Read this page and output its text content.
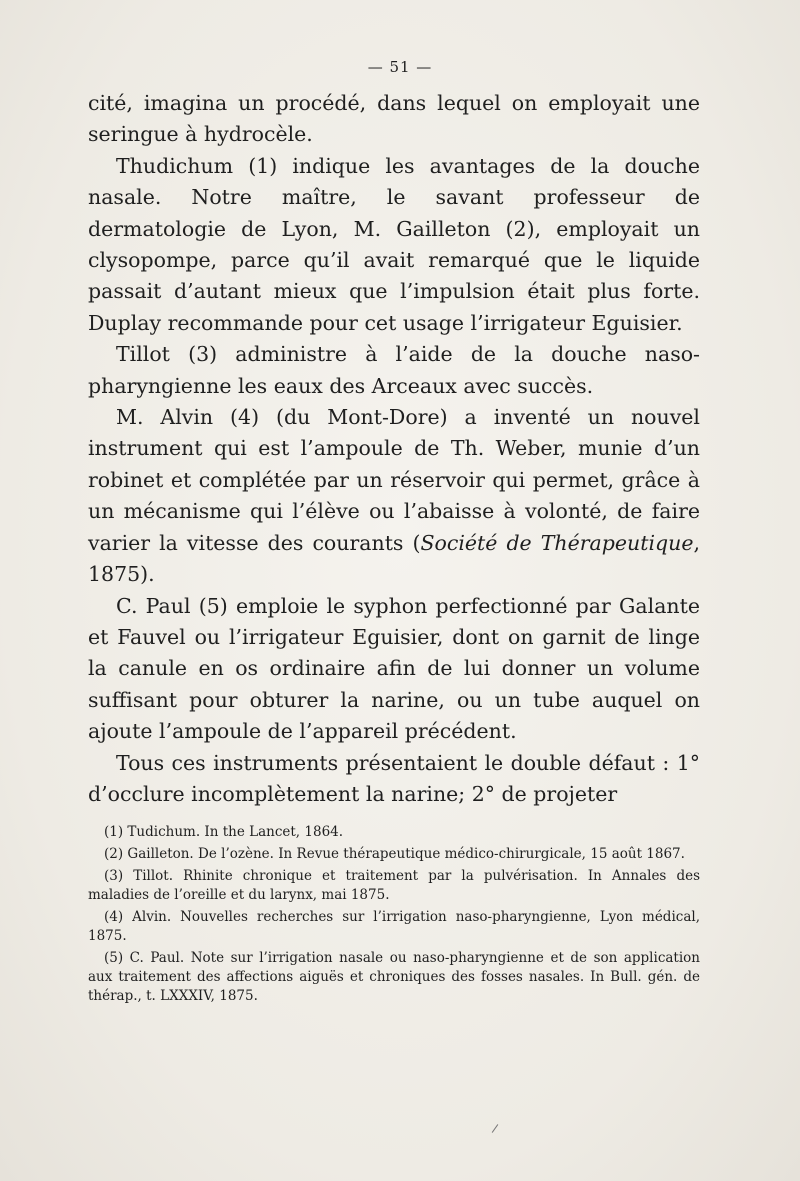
— 51 —

cité, imagina un procédé, dans lequel on employait une seringue à hydrocèle.

Thudichum (1) indique les avantages de la douche nasale. Notre maître, le savant professeur de dermatologie de Lyon, M. Gailleton (2), employait un clysopompe, parce qu’il avait remarqué que le liquide passait d’autant mieux que l’impulsion était plus forte. Duplay recommande pour cet usage l’irrigateur Eguisier.

Tillot (3) administre à l’aide de la douche naso-pharyngienne les eaux des Arceaux avec succès.

M. Alvin (4) (du Mont-Dore) a inventé un nouvel instrument qui est l’ampoule de Th. Weber, munie d’un robinet et complétée par un réservoir qui permet, grâce à un mécanisme qui l’élève ou l’abaisse à volonté, de faire varier la vitesse des courants (Société de Thérapeutique, 1875).

C. Paul (5) emploie le syphon perfectionné par Galante et Fauvel ou l’irrigateur Eguisier, dont on garnit de linge la canule en os ordinaire afin de lui donner un volume suffisant pour obturer la narine, ou un tube auquel on ajoute l’ampoule de l’appareil précédent.

Tous ces instruments présentaient le double défaut : 1° d’occlure incomplètement la narine; 2° de projeter

(1) Tudichum. In the Lancet, 1864.

(2) Gailleton. De l’ozène. In Revue thérapeutique médico-chirurgicale, 15 août 1867.

(3) Tillot. Rhinite chronique et traitement par la pulvérisation. In Annales des maladies de l’oreille et du larynx, mai 1875.

(4) Alvin. Nouvelles recherches sur l’irrigation naso-pharyngienne, Lyon médical, 1875.

(5) C. Paul. Note sur l’irrigation nasale ou naso-pharyngienne et de son application aux traitement des affections aiguës et chroniques des fosses nasales. In Bull. gén. de thérap., t. LXXXIV, 1875.
